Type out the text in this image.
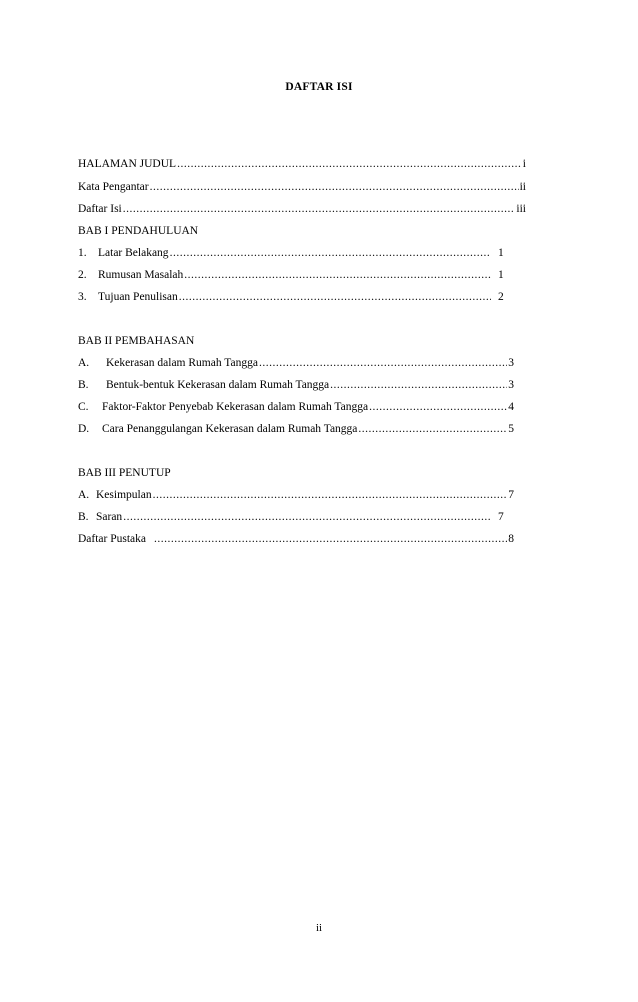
DAFTAR ISI
HALAMAN JUDUL .....	i
Kata Pengantar .....	ii
Daftar Isi .....	iii
BAB I PENDAHULUAN
1. Latar Belakang .....	1
2. Rumusan Masalah .....	1
3. Tujuan Penulisan .....	2
BAB II PEMBAHASAN
A. Kekerasan dalam Rumah Tangga .....	3
B. Bentuk-bentuk Kekerasan dalam Rumah Tangga .....	3
C. Faktor-Faktor Penyebab Kekerasan dalam Rumah Tangga .....	4
D. Cara Penanggulangan Kekerasan dalam Rumah Tangga .....	5
BAB III PENUTUP
A. Kesimpulan .....	7
B. Saran .....	7
Daftar Pustaka .....	8
ii
